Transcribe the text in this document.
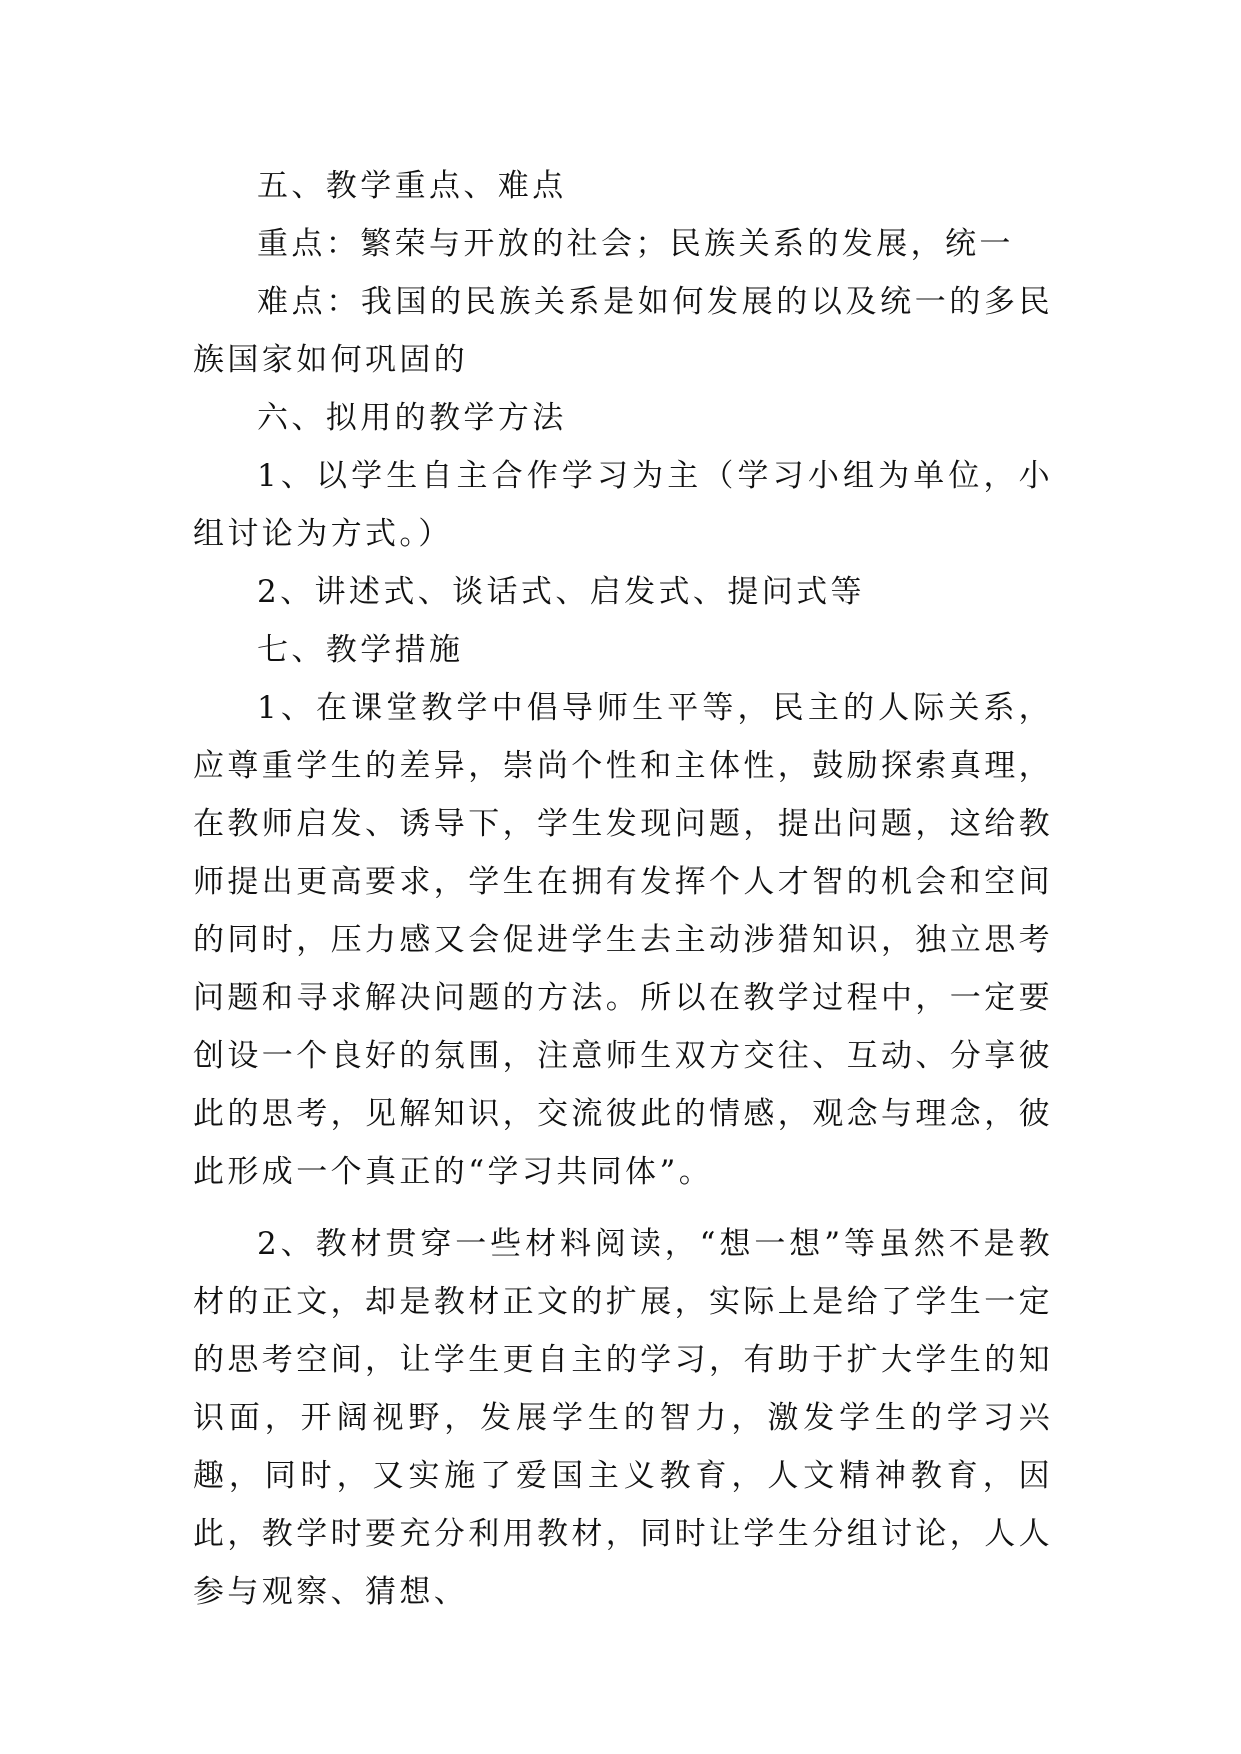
五、教学重点、难点

重点：繁荣与开放的社会；民族关系的发展，统一

难点：我国的民族关系是如何发展的以及统一的多民族国家如何巩固的

六、拟用的教学方法

1、以学生自主合作学习为主（学习小组为单位，小组讨论为方式。）

2、讲述式、谈话式、启发式、提问式等

七、教学措施

1、在课堂教学中倡导师生平等，民主的人际关系，应尊重学生的差异，崇尚个性和主体性，鼓励探索真理，在教师启发、诱导下，学生发现问题，提出问题，这给教师提出更高要求，学生在拥有发挥个人才智的机会和空间的同时，压力感又会促进学生去主动涉猎知识，独立思考问题和寻求解决问题的方法。所以在教学过程中，一定要创设一个良好的氛围，注意师生双方交往、互动、分享彼此的思考，见解知识，交流彼此的情感，观念与理念，彼此形成一个真正的“学习共同体”。

2、教材贯穿一些材料阅读，“想一想”等虽然不是教材的正文，却是教材正文的扩展，实际上是给了学生一定的思考空间，让学生更自主的学习，有助于扩大学生的知识面，开阔视野，发展学生的智力，激发学生的学习兴趣，同时，又实施了爱国主义教育，人文精神教育，因此，教学时要充分利用教材，同时让学生分组讨论，人人参与观察、猜想、
